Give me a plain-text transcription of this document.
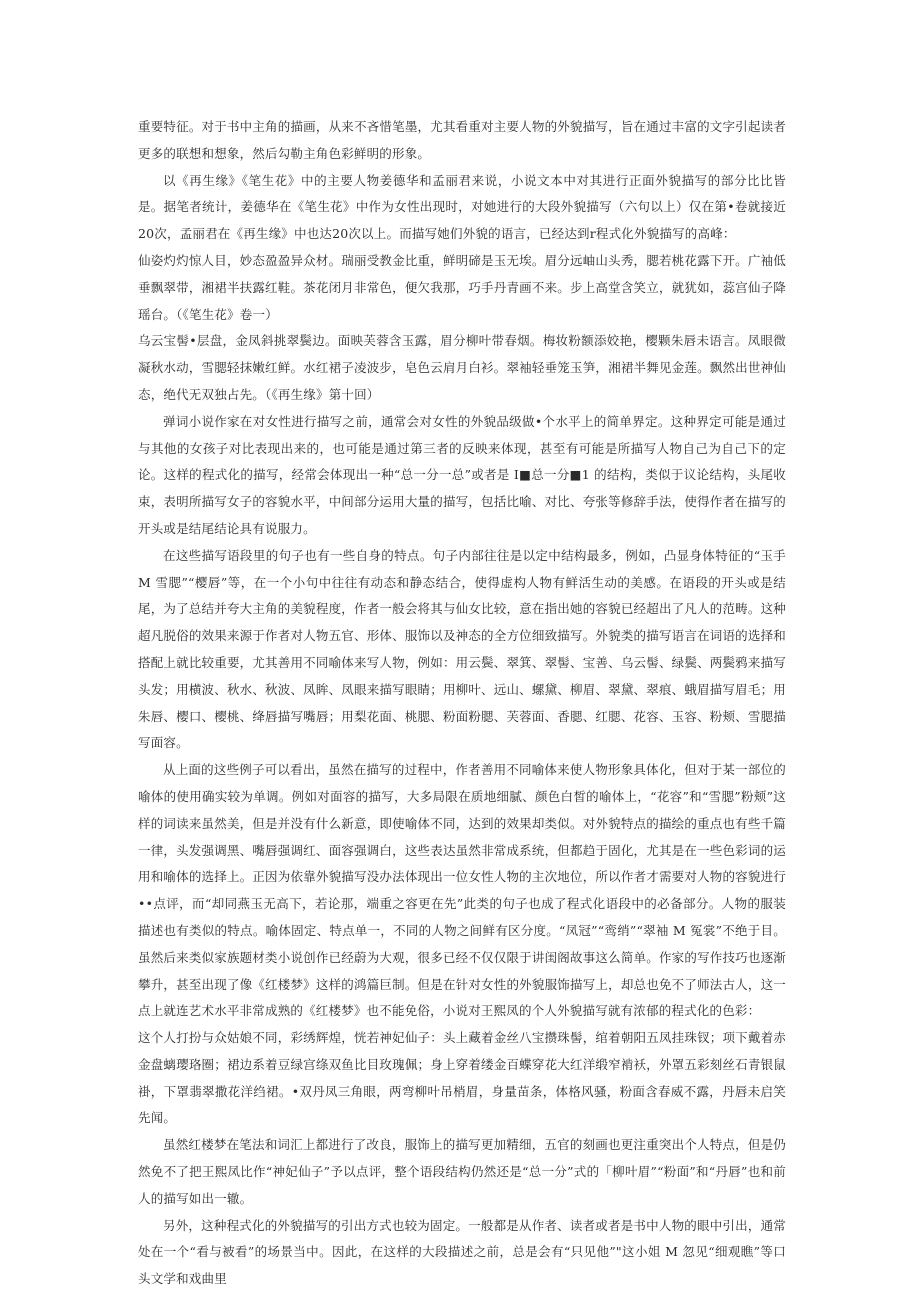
重要特征。对于书中主角的描画，从来不吝惜笔墨，尤其看重对主要人物的外貌描写，旨在通过丰富的文字引起读者更多的联想和想象，然后勾勒主角色彩鲜明的形象。

以《再生缘》《笔生花》中的主要人物姜德华和孟丽君来说，小说文本中对其进行正面外貌描写的部分比比皆是。据笔者统计，姜德华在《笔生花》中作为女性出现时，对她进行的大段外貌描写（六句以上）仅在第•卷就接近20次，孟丽君在《再生缘》中也达20次以上。而描写她们外貌的语言，已经达到r程式化外貌描写的高峰：

仙姿灼灼惊人目，妙态盈盈异众材。瑞丽受教金比重，鲜明碲是玉无埃。眉分远岫山头秀，腮若桃花露下开。广袖低垂飘翠带，湘裙半扶露红鞋。茶花闭月非常色，便欠我那，巧手丹青画不来。步上高堂含笑立，就犹如，蕊宫仙子降瑶台。（《笔生花》卷一）

乌云宝髻•层盘，金凤斜挑翠鬓边。面映芙蓉含玉露，眉分柳叶带春烟。梅妆粉额添姣艳，樱颗朱唇未语言。凤眼微凝秋水动，雪腮轻抹嫩红鲜。水红裙子凌波步，皂色云肩月白衫。翠袖轻垂笼玉笋，湘裙半舞见金莲。飘然出世神仙态，绝代无双独占先。（《再生缘》第十回）

弹词小说作家在对女性进行描写之前，通常会对女性的外貌品级做•个水平上的简单界定。这种界定可能是通过与其他的女孩子对比表现出来的，也可能是通过第三者的反映来体现，甚至有可能是所描写人物自己为自己下的定论。这样的程式化的描写，经常会体现出一种“总一分一总”或者是 I■总一分■1 的结构，类似于议论结构，头尾收束，表明所描写女子的容貌水平，中间部分运用大量的描写，包括比喻、对比、夸张等修辞手法，使得作者在描写的开头或是结尾结论具有说服力。

在这些描写语段里的句子也有一些自身的特点。句子内部往往是以定中结构最多，例如，凸显身体特征的“玉手 M 雪腮”“樱唇”等，在一个小句中往往有动态和静态结合，使得虚构人物有鲜活生动的美感。在语段的开头或是结尾，为了总结并夸大主角的美貌程度，作者一般会将其与仙女比较，意在指出她的容貌已经超出了凡人的范畴。这种超凡脱俗的效果来源于作者对人物五官、形体、服饰以及神态的全方位细致描写。外貌类的描写语言在词语的选择和搭配上就比较重要，尤其善用不同喻体来写人物，例如：用云鬓、翠箕、翠髻、宝善、乌云髻、绿鬓、两鬓鸦来描写头发；用横波、秋水、秋波、凤眸、凤眼来描写眼睛；用柳叶、远山、螺黛、柳眉、翠黛、翠痕、蛾眉描写眉毛；用朱唇、樱口、樱桃、绛唇描写嘴唇；用梨花面、桃腮、粉面粉腮、芙蓉面、香腮、红腮、花容、玉容、粉颊、雪腮描写面容。

从上面的这些例子可以看出，虽然在描写的过程中，作者善用不同喻体来使人物形象具体化，但对于某一部位的喻体的使用确实较为单调。例如对面容的描写，大多局限在质地细腻、颜色白皙的喻体上，“花容”和“雪腮”粉颊”这样的词读来虽然美，但是并没有什么新意，即使喻体不同，达到的效果却类似。对外貌特点的描绘的重点也有些千篇一律，头发强调黑、嘴唇强调红、面容强调白，这些表达虽然非常成系统，但都趋于固化，尤其是在一些色彩词的运用和喻体的选择上。正因为依靠外貌描写没办法体现出一位女性人物的主次地位，所以作者才需要对人物的容貌进行••点评，而“却同燕玉无高下，若论那，端重之容更在先”此类的句子也成了程式化语段中的必备部分。人物的服装描述也有类似的特点。喻体固定、特点单一，不同的人物之间鲜有区分度。“凤冠”“鸾绡”“翠袖 M 冤裳”不绝于目。虽然后来类似家族题材类小说创作已经蔚为大观，很多已经不仅仅限于讲闺阁故事这么简单。作家的写作技巧也逐渐攀升，甚至出现了像《红楼梦》这样的鸿篇巨制。但是在针对女性的外貌服饰描写上，却总也免不了师法古人，这一点上就连艺术水平非常成熟的《红楼梦》也不能免俗，小说对王熙凤的个人外貌描写就有浓郁的程式化的色彩：

这个人打扮与众姑娘不同，彩绣辉煌，恍若神妃仙子：头上藏着金丝八宝攒珠髻，绾着朝阳五凤挂珠钗；项下戴着赤金盘螭璎珞圈；裙边系着豆绿宫绦双鱼比目玫瑰佩；身上穿着缕金百蝶穿花大红洋缎窄褃袄，外罩五彩刻丝石青银鼠褂，下罩翡翠撒花洋绉裙。•双丹凤三角眼，两弯柳叶吊梢眉，身量苗条，体格风骚，粉面含春威不露，丹唇未启笑先闻。

虽然红楼梦在笔法和词汇上都进行了改良，服饰上的描写更加精细，五官的刻画也更注重突出个人特点，但是仍然免不了把王熙凤比作“神妃仙子”予以点评，整个语段结构仍然还是“总一分”式的「柳叶眉”“粉面”和“丹唇”也和前人的描写如出一辙。

另外，这种程式化的外貌描写的引出方式也较为固定。一般都是从作者、读者或者是书中人物的眼中引出，通常处在一个“看与被看”的场景当中。因此，在这样的大段描述之前，总是会有“只见他”"这小姐 M 忽见“细观瞧”等口头文学和戏曲里
